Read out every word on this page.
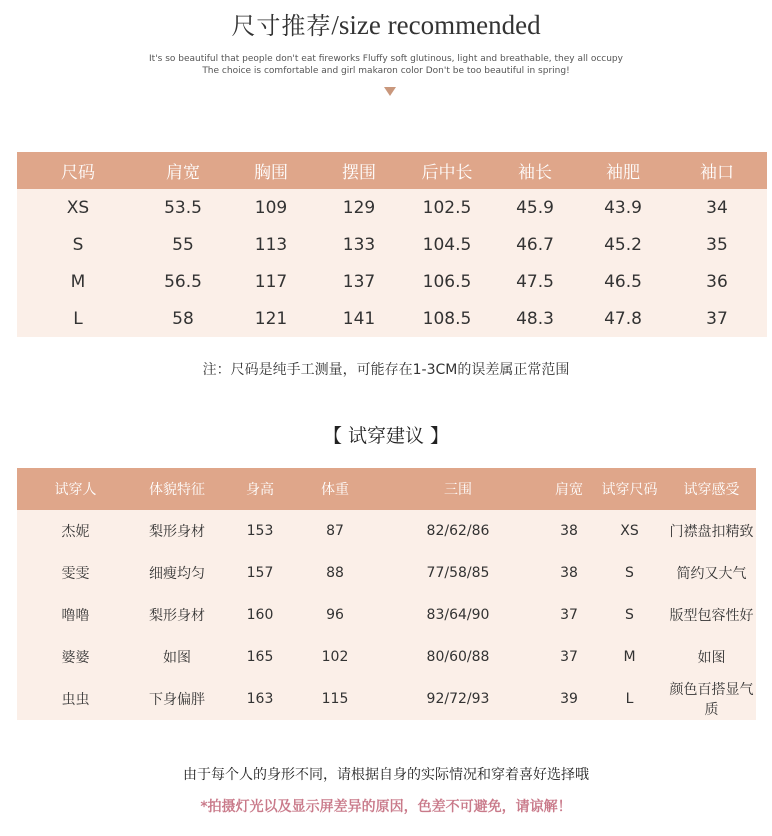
尺寸推荐/size recommended
It's so beautiful that people don't eat fireworks Fluffy soft glutinous, light and breathable, they all occupy
The choice is comfortable and girl makaron color Don't be too beautiful in spring!
尺码	肩宽	胸围	摆围	后中长	袖长	袖肥	袖口
XS	53.5	109	129	102.5	45.9	43.9	34
S	55	113	133	104.5	46.7	45.2	35
M	56.5	117	137	106.5	47.5	46.5	36
L	58	121	141	108.5	48.3	47.8	37
注：尺码是纯手工测量，可能存在1-3CM的误差属正常范围
【 试穿建议 】
试穿人	体貌特征	身高	体重	三围	肩宽	试穿尺码	试穿感受
杰妮	梨形身材	153	87	82/62/86	38	XS	门襟盘扣精致
雯雯	细瘦均匀	157	88	77/58/85	38	S	简约又大气
噜噜	梨形身材	160	96	83/64/90	37	S	版型包容性好
婆婆	如图	165	102	80/60/88	37	M	如图
虫虫	下身偏胖	163	115	92/72/93	39	L	颜色百搭显气质
由于每个人的身形不同，请根据自身的实际情况和穿着喜好选择哦
*拍摄灯光以及显示屏差异的原因，色差不可避免，请谅解！
